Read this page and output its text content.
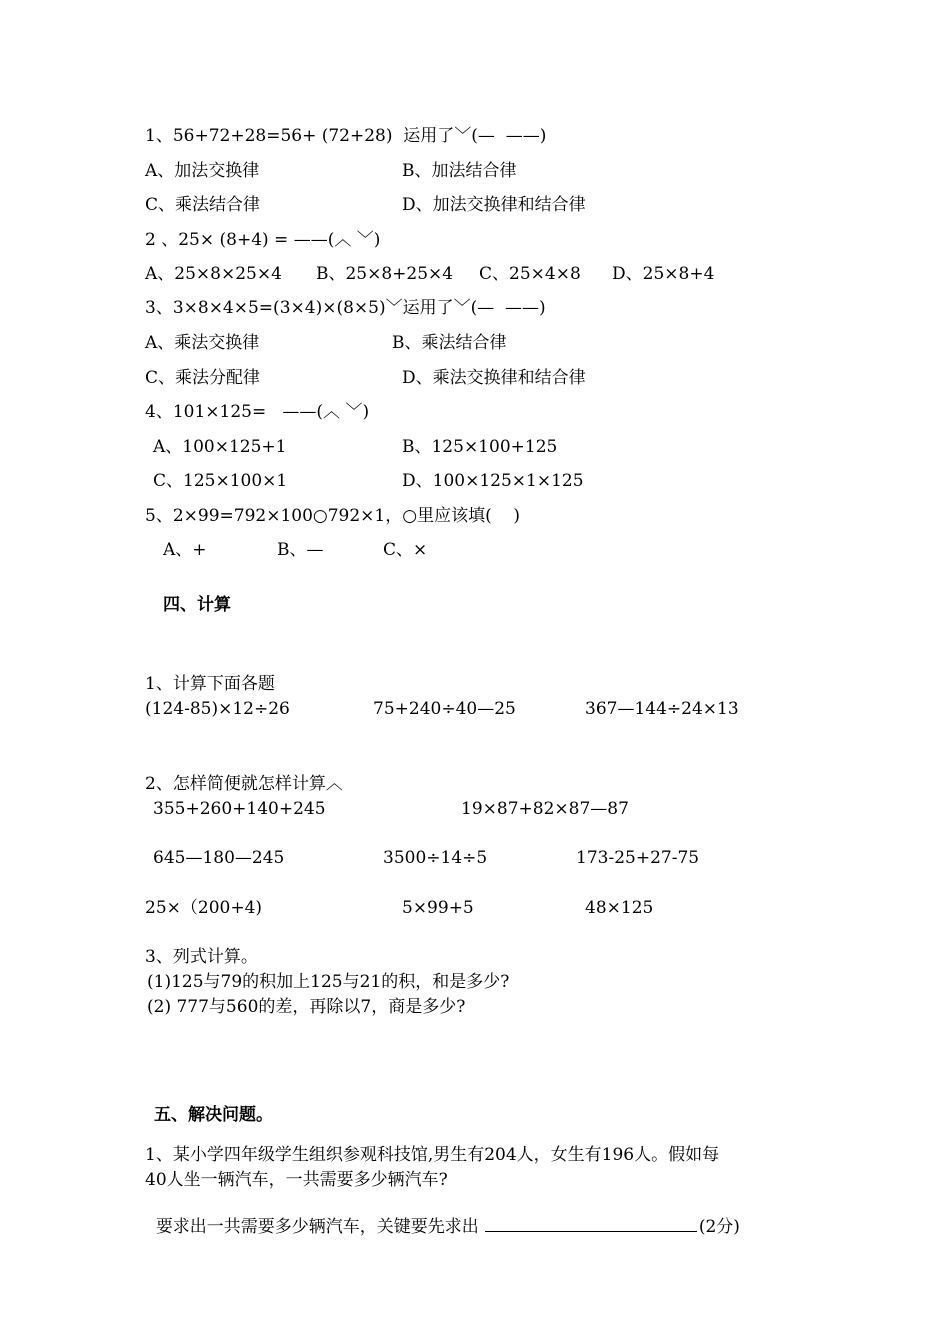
1、56+72+28=56+ (72+28)  运用了﹀(—  ——)
A、加法交换律	B、加法结合律
C、乘法结合律	D、加法交换律和结合律
2 、25× (8+4) = ——(︿ ﹀)
A、25×8×25×4 B、25×8+25×4 C、25×4×8 D、25×8+4
3、3×8×4×5=(3×4)×(8×5)﹀运用了﹀(—  ——)
A、乘法交换律	B、乘法结合律
C、乘法分配律	D、乘法交换律和结合律
4、101×125=   ——(︿ ﹀)
A、100×125+1	B、125×100+125
C、125×100×1	D、100×125×1×125
5、2×99=792×100○792×1，○里应该填(    )
A、+	B、—	C、×
四、计算
1、计算下面各题
(124-85)×12÷26	75+240÷40—25	367—144÷24×13
2、怎样简便就怎样计算︿
355+260+140+245	19×87+82×87—87
645—180—245	3500÷14÷5	173-25+27-75
25×（200+4)	5×99+5	48×125
3、列式计算。
(1)125与79的积加上125与21的积，和是多少?
(2) 777与560的差，再除以7，商是多少?
五、解决问题。
1、某小学四年级学生组织参观科技馆,男生有204人，女生有196人。假如每
40人坐一辆汽车，一共需要多少辆汽车?

要求出一共需要多少辆汽车，关键要先求出	(2分)
